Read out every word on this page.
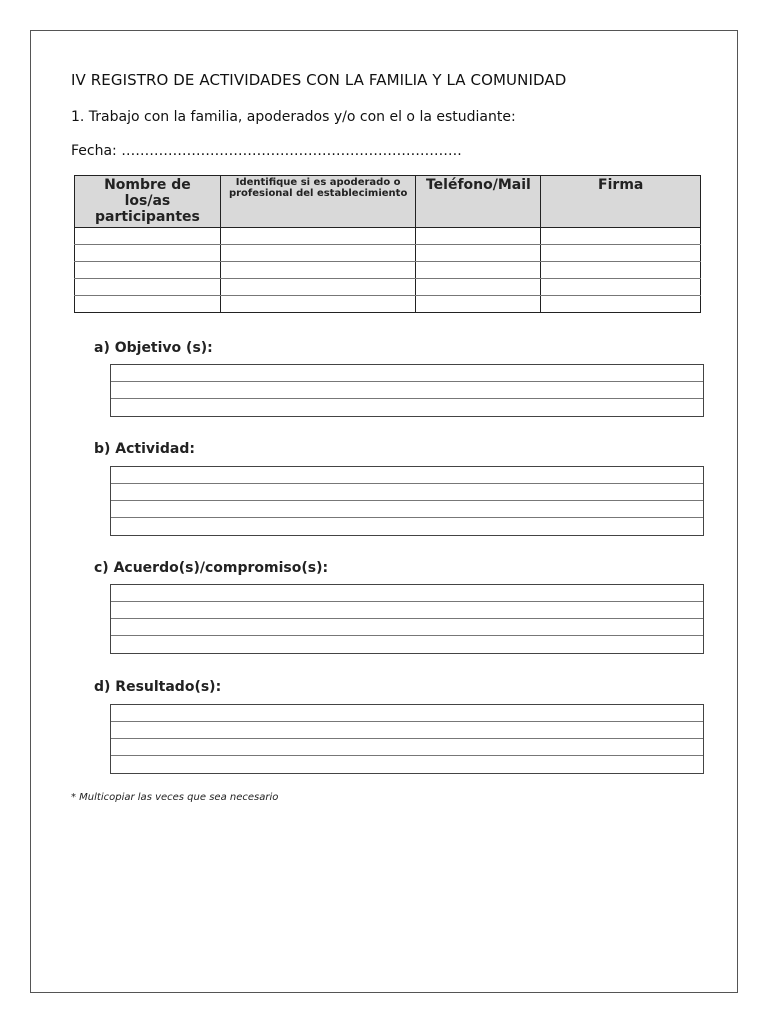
IV REGISTRO DE ACTIVIDADES CON LA FAMILIA Y LA COMUNIDAD
1. Trabajo con la familia, apoderados y/o con el o la estudiante:
Fecha: ……………………………………………………………….
Nombre de los/as participantes	Identifique si es apoderado o profesional del establecimiento	Teléfono/Mail	Firma

a) Objetivo (s):
b) Actividad:
c) Acuerdo(s)/compromiso(s):
d) Resultado(s):
* Multicopiar las veces que sea necesario
